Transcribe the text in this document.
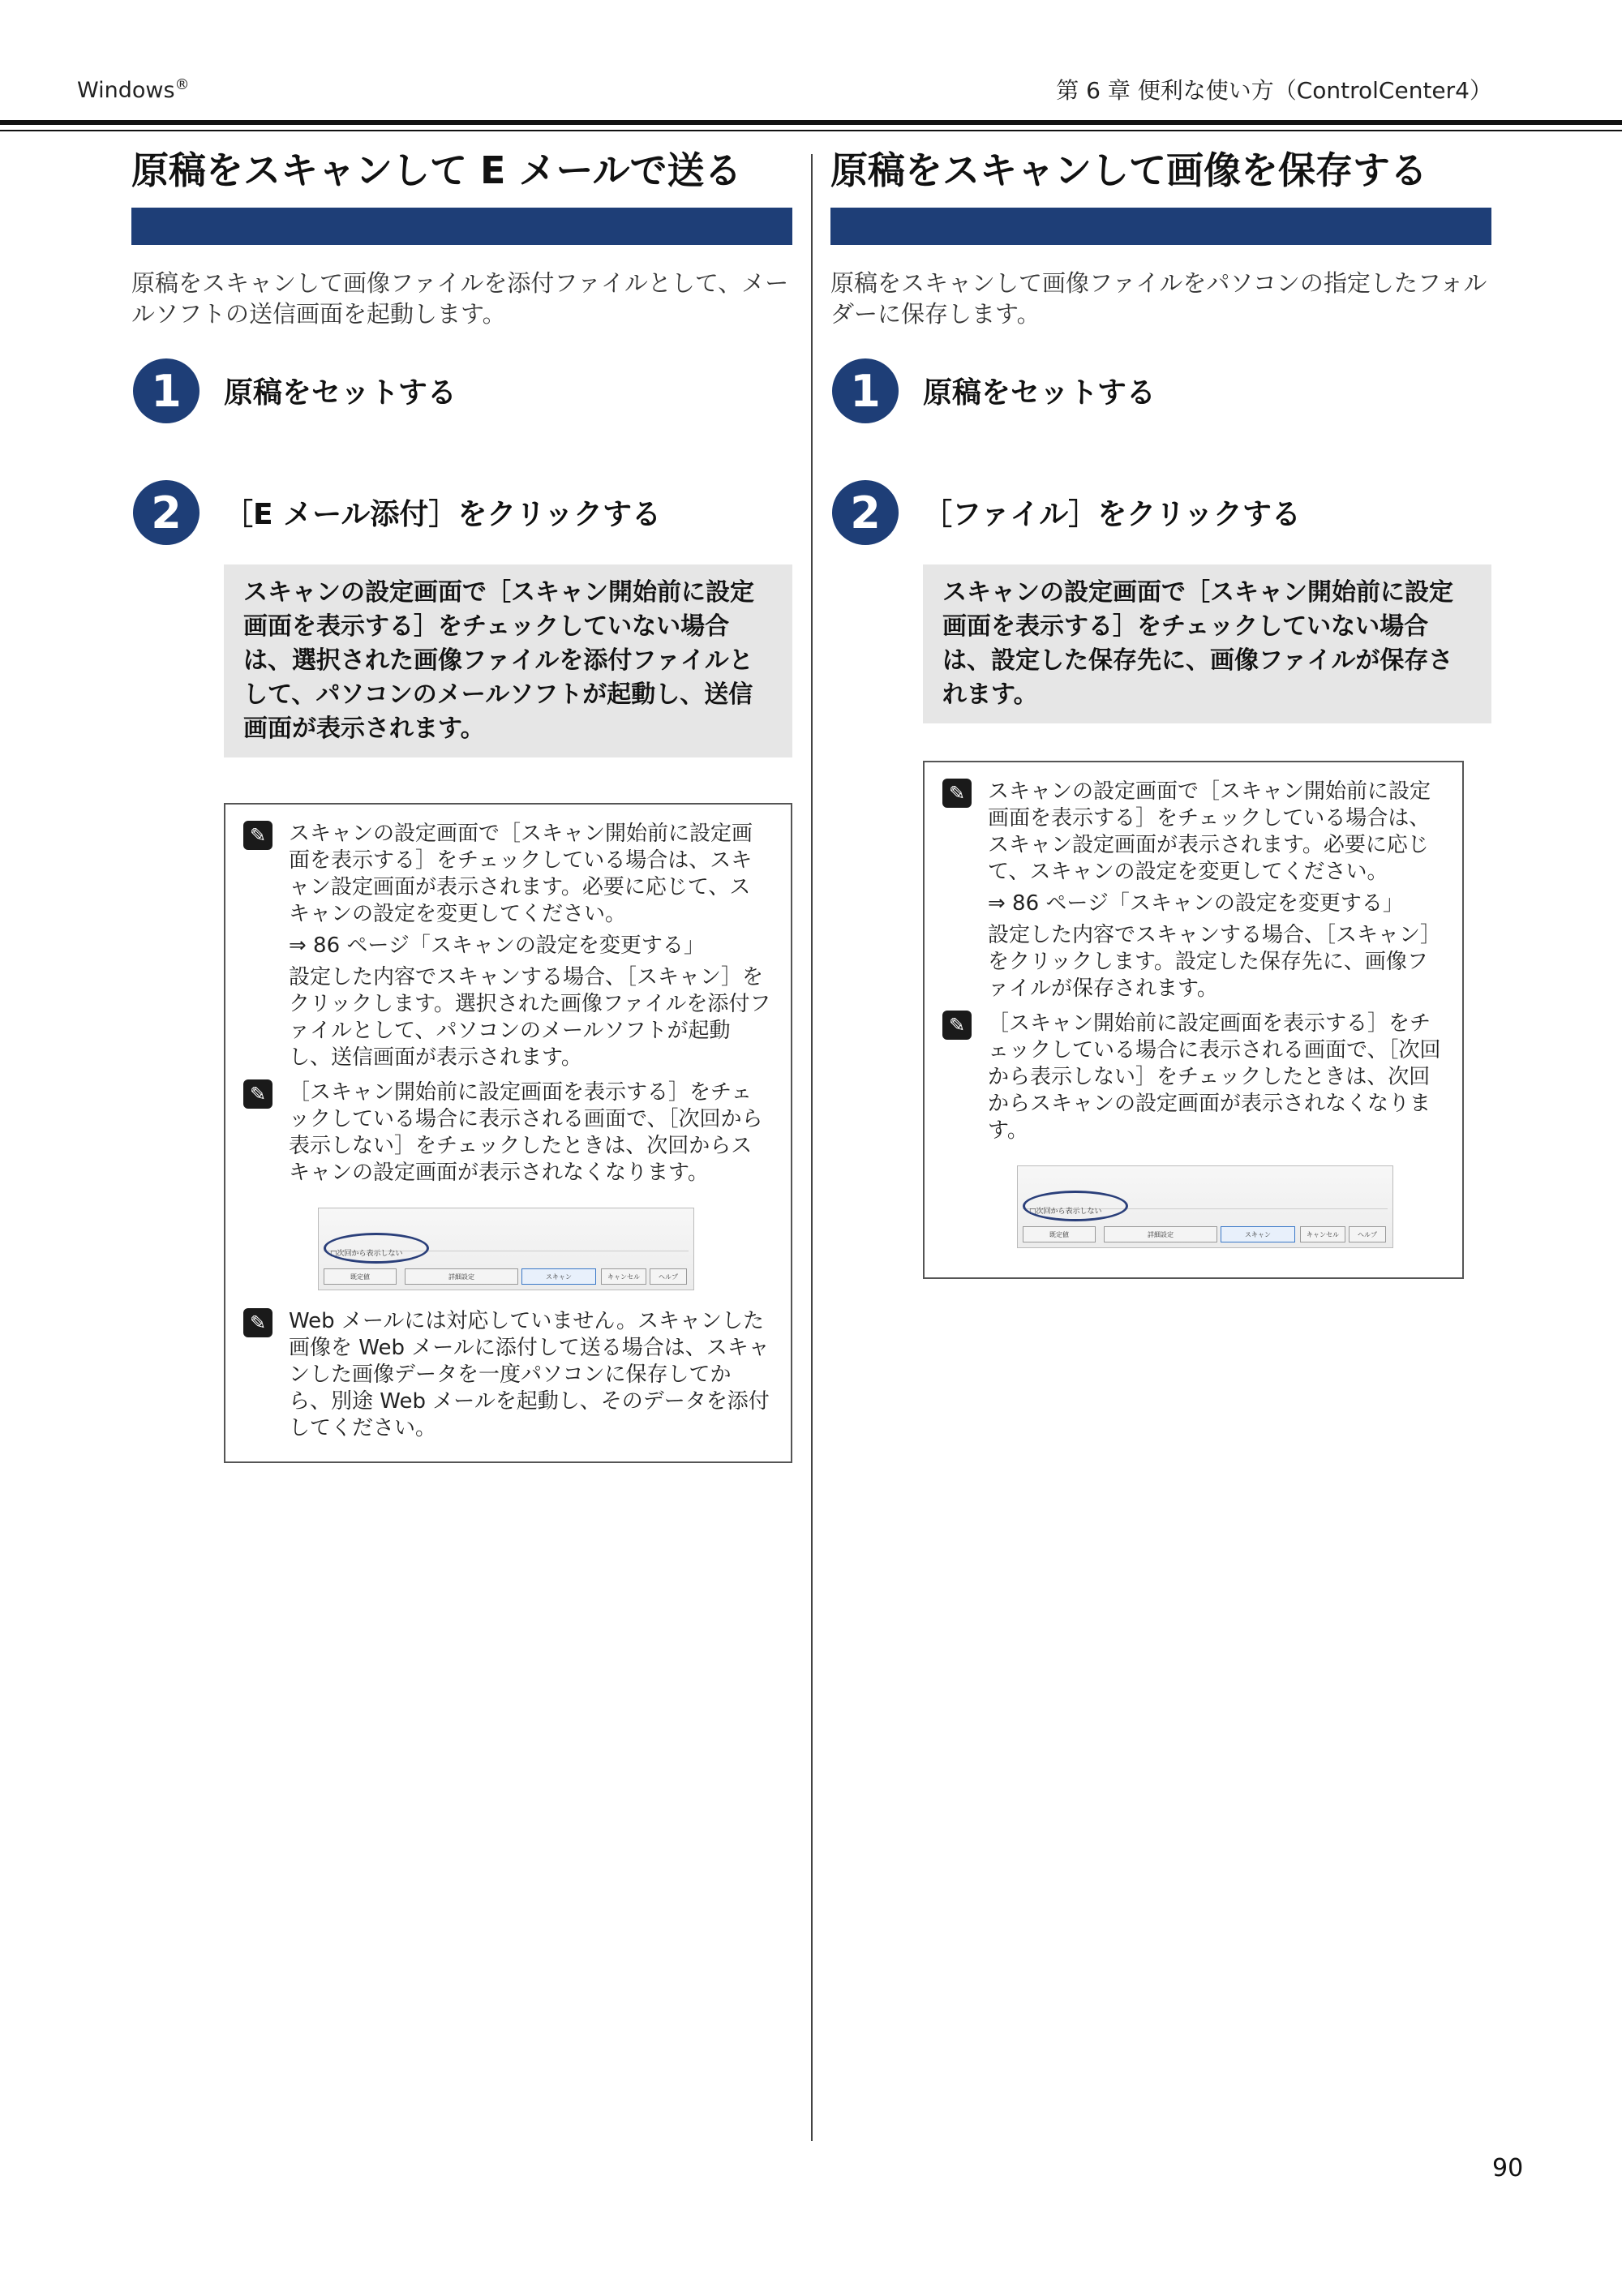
Windows®	第 6 章 便利な使い方（ControlCenter4）
原稿をスキャンして E メールで送る
原稿をスキャンして画像ファイルを添付ファイルとして、メールソフトの送信画面を起動します。
1	原稿をセットする
2	［E メール添付］をクリックする
スキャンの設定画面で［スキャン開始前に設定画面を表示する］をチェックしていない場合は、選択された画像ファイルを添付ファイルとして、パソコンのメールソフトが起動し、送信画面が表示されます。
✎	スキャンの設定画面で［スキャン開始前に設定画面を表示する］をチェックしている場合は、スキャン設定画面が表示されます。必要に応じて、スキャンの設定を変更してください。

⇒ 86 ページ「スキャンの設定を変更する」

設定した内容でスキャンする場合、［スキャン］をクリックします。選択された画像ファイルを添付ファイルとして、パソコンのメールソフトが起動し、送信画面が表示されます。

✎	［スキャン開始前に設定画面を表示する］をチェックしている場合に表示される画面で、［次回から表示しない］をチェックしたときは、次回からスキャンの設定画面が表示されなくなります。

□次回から表示しない
既定値	詳細設定	スキャン	キャンセル	ヘルプ
✎	Web メールには対応していません。スキャンした画像を Web メールに添付して送る場合は、スキャンした画像データを一度パソコンに保存してから、別途 Web メールを起動し、そのデータを添付してください。

原稿をスキャンして画像を保存する
原稿をスキャンして画像ファイルをパソコンの指定したフォルダーに保存します。
1	原稿をセットする
2	［ファイル］をクリックする
スキャンの設定画面で［スキャン開始前に設定画面を表示する］をチェックしていない場合は、設定した保存先に、画像ファイルが保存されます。
✎	スキャンの設定画面で［スキャン開始前に設定画面を表示する］をチェックしている場合は、スキャン設定画面が表示されます。必要に応じて、スキャンの設定を変更してください。

⇒ 86 ページ「スキャンの設定を変更する」

設定した内容でスキャンする場合、［スキャン］をクリックします。設定した保存先に、画像ファイルが保存されます。

✎	［スキャン開始前に設定画面を表示する］をチェックしている場合に表示される画面で、［次回から表示しない］をチェックしたときは、次回からスキャンの設定画面が表示されなくなります。

□次回から表示しない
既定値	詳細設定	スキャン	キャンセル	ヘルプ
90
